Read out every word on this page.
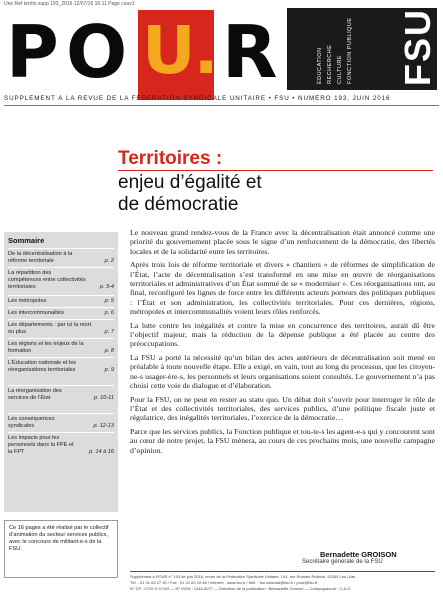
Une Ref territo supp 193_2016 12/07/16 16:11 Page couv1
P O U. R	ÉDUCATION RECHERCHE CULTURE FONCTION PUBLIQUE FSU
SUPPLÉMENT À LA REVUE DE LA FÉDÉRATION SYNDICALE UNITAIRE • FSU • NUMÉRO 193, JUIN 2016
Territoires :
enjeu d’égalité et
de démocratie
Sommaire
De la décentralisation à la réforme territoriale	p. 2
La répartition des compétences entre collectivités territoriales	p. 3-4
Les métropoles	p. 5
Les intercommunalités	p. 6
Les départements : par ici la mort ou plus	p. 7
Les régions et les enjeux de la formation	p. 8
L’Éducation nationale et les réorganisations territoriales	p. 9
La réorganisation des services de l’État	p. 10-11
Les conséquences syndicales	p. 12-13
Les impacts pour les personnels dans la FPE et la FPT	p. 14 à 16
Ce 16 pages a été réalisé par le collectif d’animation du secteur services publics, avec le concours de militant-e-s de la FSU.

Le nouveau grand rendez-vous de la France avec la décentralisation était annoncé comme une priorité du gouvernement placée sous le signe d’un renforcement de la démocratie, des libertés locales et de la solidarité entre les territoires.

Après trois lois de réforme territoriale et divers « chantiers » de réformes de simplification de l’État, l’acte de décentralisation s’est transformé en une mise en œuvre de réorganisations territoriales et administratives d’un État sommé de se « moderniser ». Ces réorganisations ont, au final, reconfiguré les lignes de force entre les différents acteurs porteurs des politiques publiques : l’État et son administration, les collectivités territoriales. Pour ces dernières, régions, métropoles et intercommunalités voient leurs rôles renforcés.

La lutte contre les inégalités et contre la mise en concurrence des territoires, aurait dû être l’objectif majeur, mais la réduction de la dépense publique a été placée au centre des préoccupations.

La FSU a porté la nécessité qu’un bilan des actes antérieurs de décentralisation soit mené en préalable à toute nouvelle étape. Elle a exigé, en vain, tout au long du processus, que les citoyen-ne-s usager-ère-s, les personnels et leurs organisations soient consultés. Le gouvernement n’a pas choisi cette voie de dialogue et d’élaboration.

Pour la FSU, on ne peut en rester au statu quo. Un débat doit s’ouvrir pour interroger le rôle de l’État et des collectivités territoriales, des services publics, d’une politique fiscale juste et régulatrice, des inégalités territoriales, l’exercice de la démocratie…

Parce que les services publics, la Fonction publique et tou-te-s les agent-e-s qui y concourent sont au cœur de notre projet, la FSU mènera, au cours de ces prochains mois, une nouvelle campagne d’opinion.

Bernadette GROISON
Secrétaire générale de la FSU
Supplément à POUR n° 193 de juin 2016, revue de la Fédération Syndicale Unitaire, 104, rue Romain Rolland, 93260 Les Lilas
Tél. : 01 41 63 27 30 / Fax : 01 41 63 15 48 / Internet : www.fsu.fr / Mél. : fsu.national@fsu.fr / pour@fsu.fr
N° CP : 0720 S 07429 — N° ISSN : 1246-0077 — Directeur de la publication : Bernadette Groison — Compogravure : C.A.G.
